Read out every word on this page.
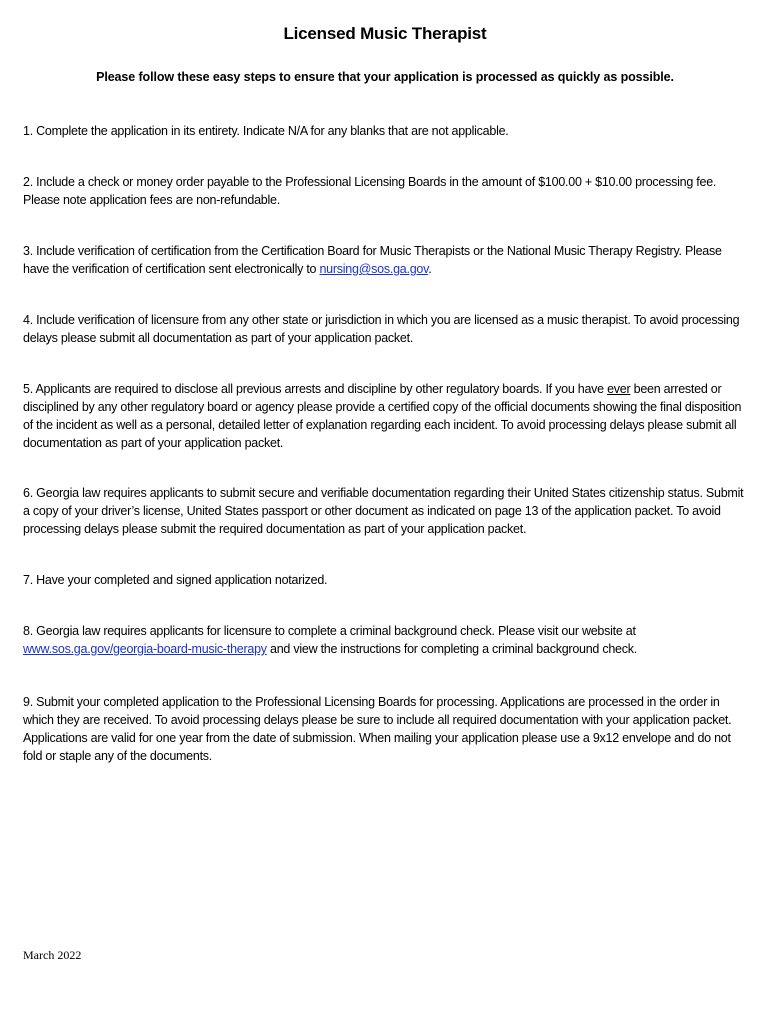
Licensed Music Therapist
Please follow these easy steps to ensure that your application is processed as quickly as possible.

1. Complete the application in its entirety. Indicate N/A for any blanks that are not applicable.

2. Include a check or money order payable to the Professional Licensing Boards in the amount of $100.00 + $10.00 processing fee. Please note application fees are non-refundable.

3. Include verification of certification from the Certification Board for Music Therapists or the National Music Therapy Registry. Please have the verification of certification sent electronically to nursing@sos.ga.gov.

4. Include verification of licensure from any other state or jurisdiction in which you are licensed as a music therapist. To avoid processing delays please submit all documentation as part of your application packet.

5. Applicants are required to disclose all previous arrests and discipline by other regulatory boards. If you have ever been arrested or disciplined by any other regulatory board or agency please provide a certified copy of the official documents showing the final disposition of the incident as well as a personal, detailed letter of explanation regarding each incident. To avoid processing delays please submit all documentation as part of your application packet.

6. Georgia law requires applicants to submit secure and verifiable documentation regarding their United States citizenship status. Submit a copy of your driver’s license, United States passport or other document as indicated on page 13 of the application packet. To avoid processing delays please submit the required documentation as part of your application packet.

7. Have your completed and signed application notarized.

8. Georgia law requires applicants for licensure to complete a criminal background check. Please visit our website at www.sos.ga.gov/georgia-board-music-therapy and view the instructions for completing a criminal background check.

9. Submit your completed application to the Professional Licensing Boards for processing. Applications are processed in the order in which they are received. To avoid processing delays please be sure to include all required documentation with your application packet. Applications are valid for one year from the date of submission. When mailing your application please use a 9x12 envelope and do not fold or staple any of the documents.

March 2022
